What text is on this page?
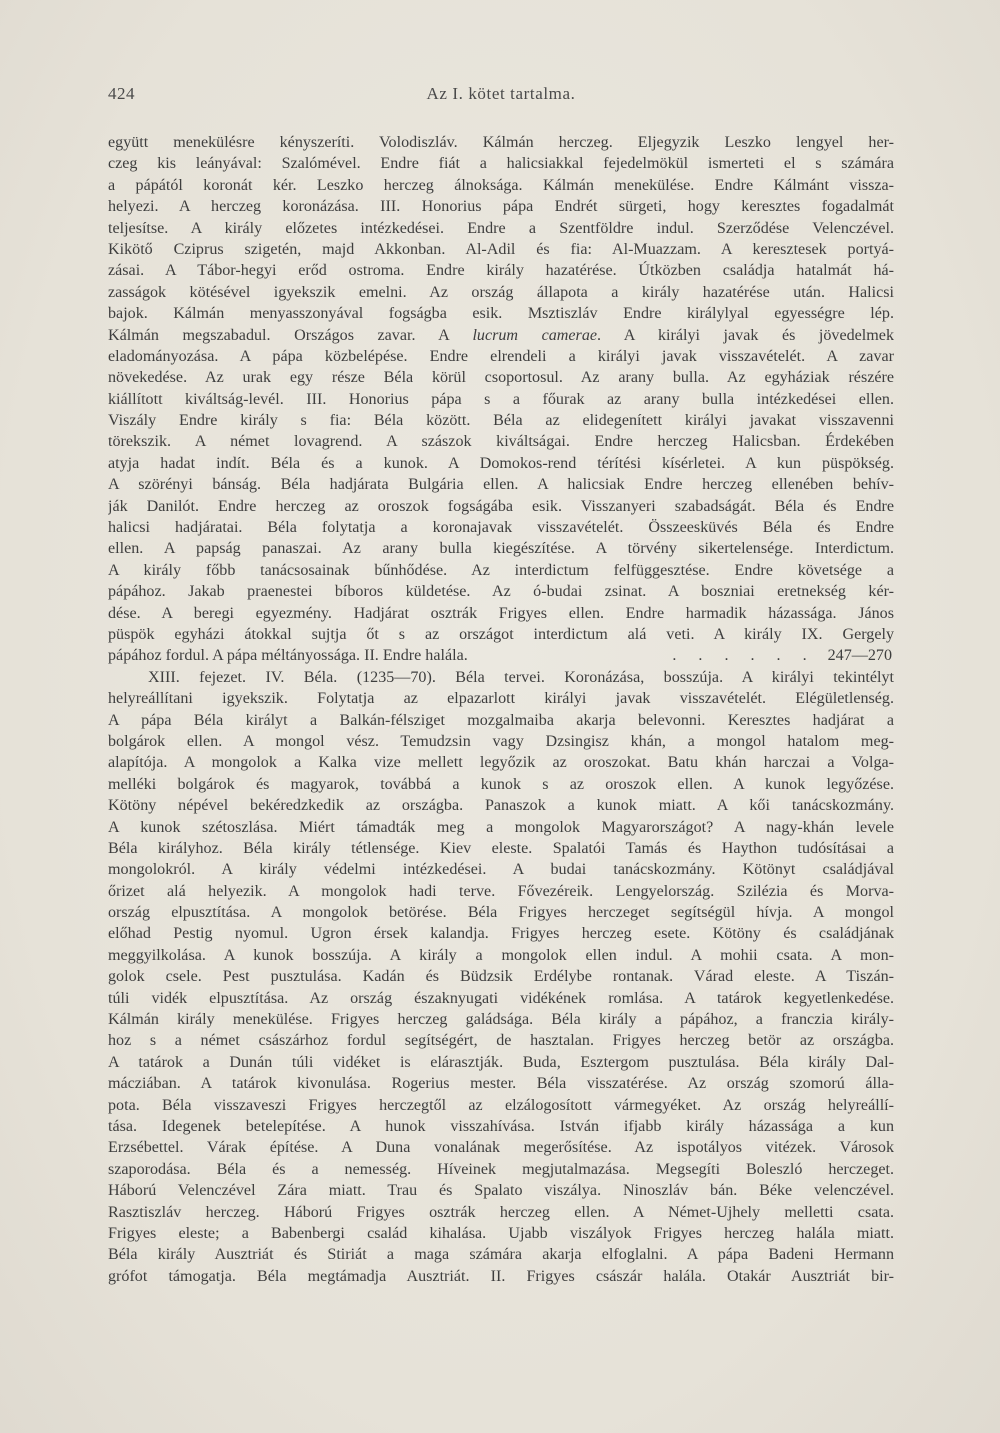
424	Az I. kötet tartalma.
együtt menekülésre kényszeríti. Volodiszláv. Kálmán herczeg. Eljegyzik Leszko lengyel her-
czeg kis leányával: Szalómével. Endre fiát a halicsiakkal fejedelmökül ismerteti el s számára
a pápától koronát kér. Leszko herczeg álnoksága. Kálmán menekülése. Endre Kálmánt vissza-
helyezi. A herczeg koronázása. III. Honorius pápa Endrét sürgeti, hogy keresztes fogadalmát
teljesítse. A király előzetes intézkedései. Endre a Szentföldre indul. Szerződése Velenczével.
Kikötő Cziprus szigetén, majd Akkonban. Al-Adil és fia: Al-Muazzam. A keresztesek portyá-
zásai. A Tábor-hegyi erőd ostroma. Endre király hazatérése. Útközben családja hatalmát há-
zasságok kötésével igyekszik emelni. Az ország állapota a király hazatérése után. Halicsi
bajok. Kálmán menyasszonyával fogságba esik. Msztiszláv Endre királylyal egyességre lép.
Kálmán megszabadul. Országos zavar. A lucrum camerae. A királyi javak és jövedelmek
eladományozása. A pápa közbelépése. Endre elrendeli a királyi javak visszavételét. A zavar
növekedése. Az urak egy része Béla körül csoportosul. Az arany bulla. Az egyháziak részére
kiállított kiváltság-levél. III. Honorius pápa s a főurak az arany bulla intézkedései ellen.
Viszály Endre király s fia: Béla között. Béla az elidegenített királyi javakat visszavenni
törekszik. A német lovagrend. A szászok kiváltságai. Endre herczeg Halicsban. Érdekében
atyja hadat indít. Béla és a kunok. A Domokos-rend térítési kísérletei. A kun püspökség.
A szörényi bánság. Béla hadjárata Bulgária ellen. A halicsiak Endre herczeg ellenében behív-
ják Danilót. Endre herczeg az oroszok fogságába esik. Visszanyeri szabadságát. Béla és Endre
halicsi hadjáratai. Béla folytatja a koronajavak visszavételét. Összeesküvés Béla és Endre
ellen. A papság panaszai. Az arany bulla kiegészítése. A törvény sikertelensége. Interdictum.
A király főbb tanácsosainak bűnhődése. Az interdictum felfüggesztése. Endre követsége a
pápához. Jakab praenestei bíboros küldetése. Az ó-budai zsinat. A boszniai eretnekség kér-
dése. A beregi egyezmény. Hadjárat osztrák Frigyes ellen. Endre harmadik házassága. János
püspök egyházi átokkal sujtja őt s az országot interdictum alá veti. A király IX. Gergely
pápához fordul. A pápa méltányossága. II. Endre halála.	. . . . . . 247—270
XIII. fejezet. IV. Béla. (1235—70). Béla tervei. Koronázása, bosszúja. A királyi tekintélyt
helyreállítani igyekszik. Folytatja az elpazarlott királyi javak visszavételét. Elégületlenség.
A pápa Béla királyt a Balkán-félsziget mozgalmaiba akarja belevonni. Keresztes hadjárat a
bolgárok ellen. A mongol vész. Temudzsin vagy Dzsingisz khán, a mongol hatalom meg-
alapítója. A mongolok a Kalka vize mellett legyőzik az oroszokat. Batu khán harczai a Volga-
melléki bolgárok és magyarok, továbbá a kunok s az oroszok ellen. A kunok legyőzése.
Kötöny népével bekéredzkedik az országba. Panaszok a kunok miatt. A kői tanácskozmány.
A kunok szétoszlása. Miért támadták meg a mongolok Magyarországot? A nagy-khán levele
Béla királyhoz. Béla király tétlensége. Kiev eleste. Spalatói Tamás és Haython tudósításai a
mongolokról. A király védelmi intézkedései. A budai tanácskozmány. Kötönyt családjával
őrizet alá helyezik. A mongolok hadi terve. Fővezéreik. Lengyelország. Szilézia és Morva-
ország elpusztítása. A mongolok betörése. Béla Frigyes herczeget segítségül hívja. A mongol
előhad Pestig nyomul. Ugron érsek kalandja. Frigyes herczeg esete. Kötöny és családjának
meggyilkolása. A kunok bosszúja. A király a mongolok ellen indul. A mohii csata. A mon-
golok csele. Pest pusztulása. Kadán és Büdzsik Erdélybe rontanak. Várad eleste. A Tiszán-
túli vidék elpusztítása. Az ország északnyugati vidékének romlása. A tatárok kegyetlenkedése.
Kálmán király menekülése. Frigyes herczeg galádsága. Béla király a pápához, a franczia király-
hoz s a német császárhoz fordul segítségért, de hasztalan. Frigyes herczeg betör az országba.
A tatárok a Dunán túli vidéket is elárasztják. Buda, Esztergom pusztulása. Béla király Dal-
mácziában. A tatárok kivonulása. Rogerius mester. Béla visszatérése. Az ország szomorú álla-
pota. Béla visszaveszi Frigyes herczegtől az elzálogosított vármegyéket. Az ország helyreállí-
tása. Idegenek betelepítése. A hunok visszahívása. István ifjabb király házassága a kun
Erzsébettel. Várak építése. A Duna vonalának megerősítése. Az ispotályos vitézek. Városok
szaporodása. Béla és a nemesség. Híveinek megjutalmazása. Megsegíti Boleszló herczeget.
Háború Velenczével Zára miatt. Trau és Spalato viszálya. Ninoszláv bán. Béke velenczével.
Rasztiszláv herczeg. Háború Frigyes osztrák herczeg ellen. A Német-Ujhely melletti csata.
Frigyes eleste; a Babenbergi család kihalása. Ujabb viszályok Frigyes herczeg halála miatt.
Béla király Ausztriát és Stiriát a maga számára akarja elfoglalni. A pápa Badeni Hermann
grófot támogatja. Béla megtámadja Ausztriát. II. Frigyes császár halála. Otakár Ausztriát bir-
